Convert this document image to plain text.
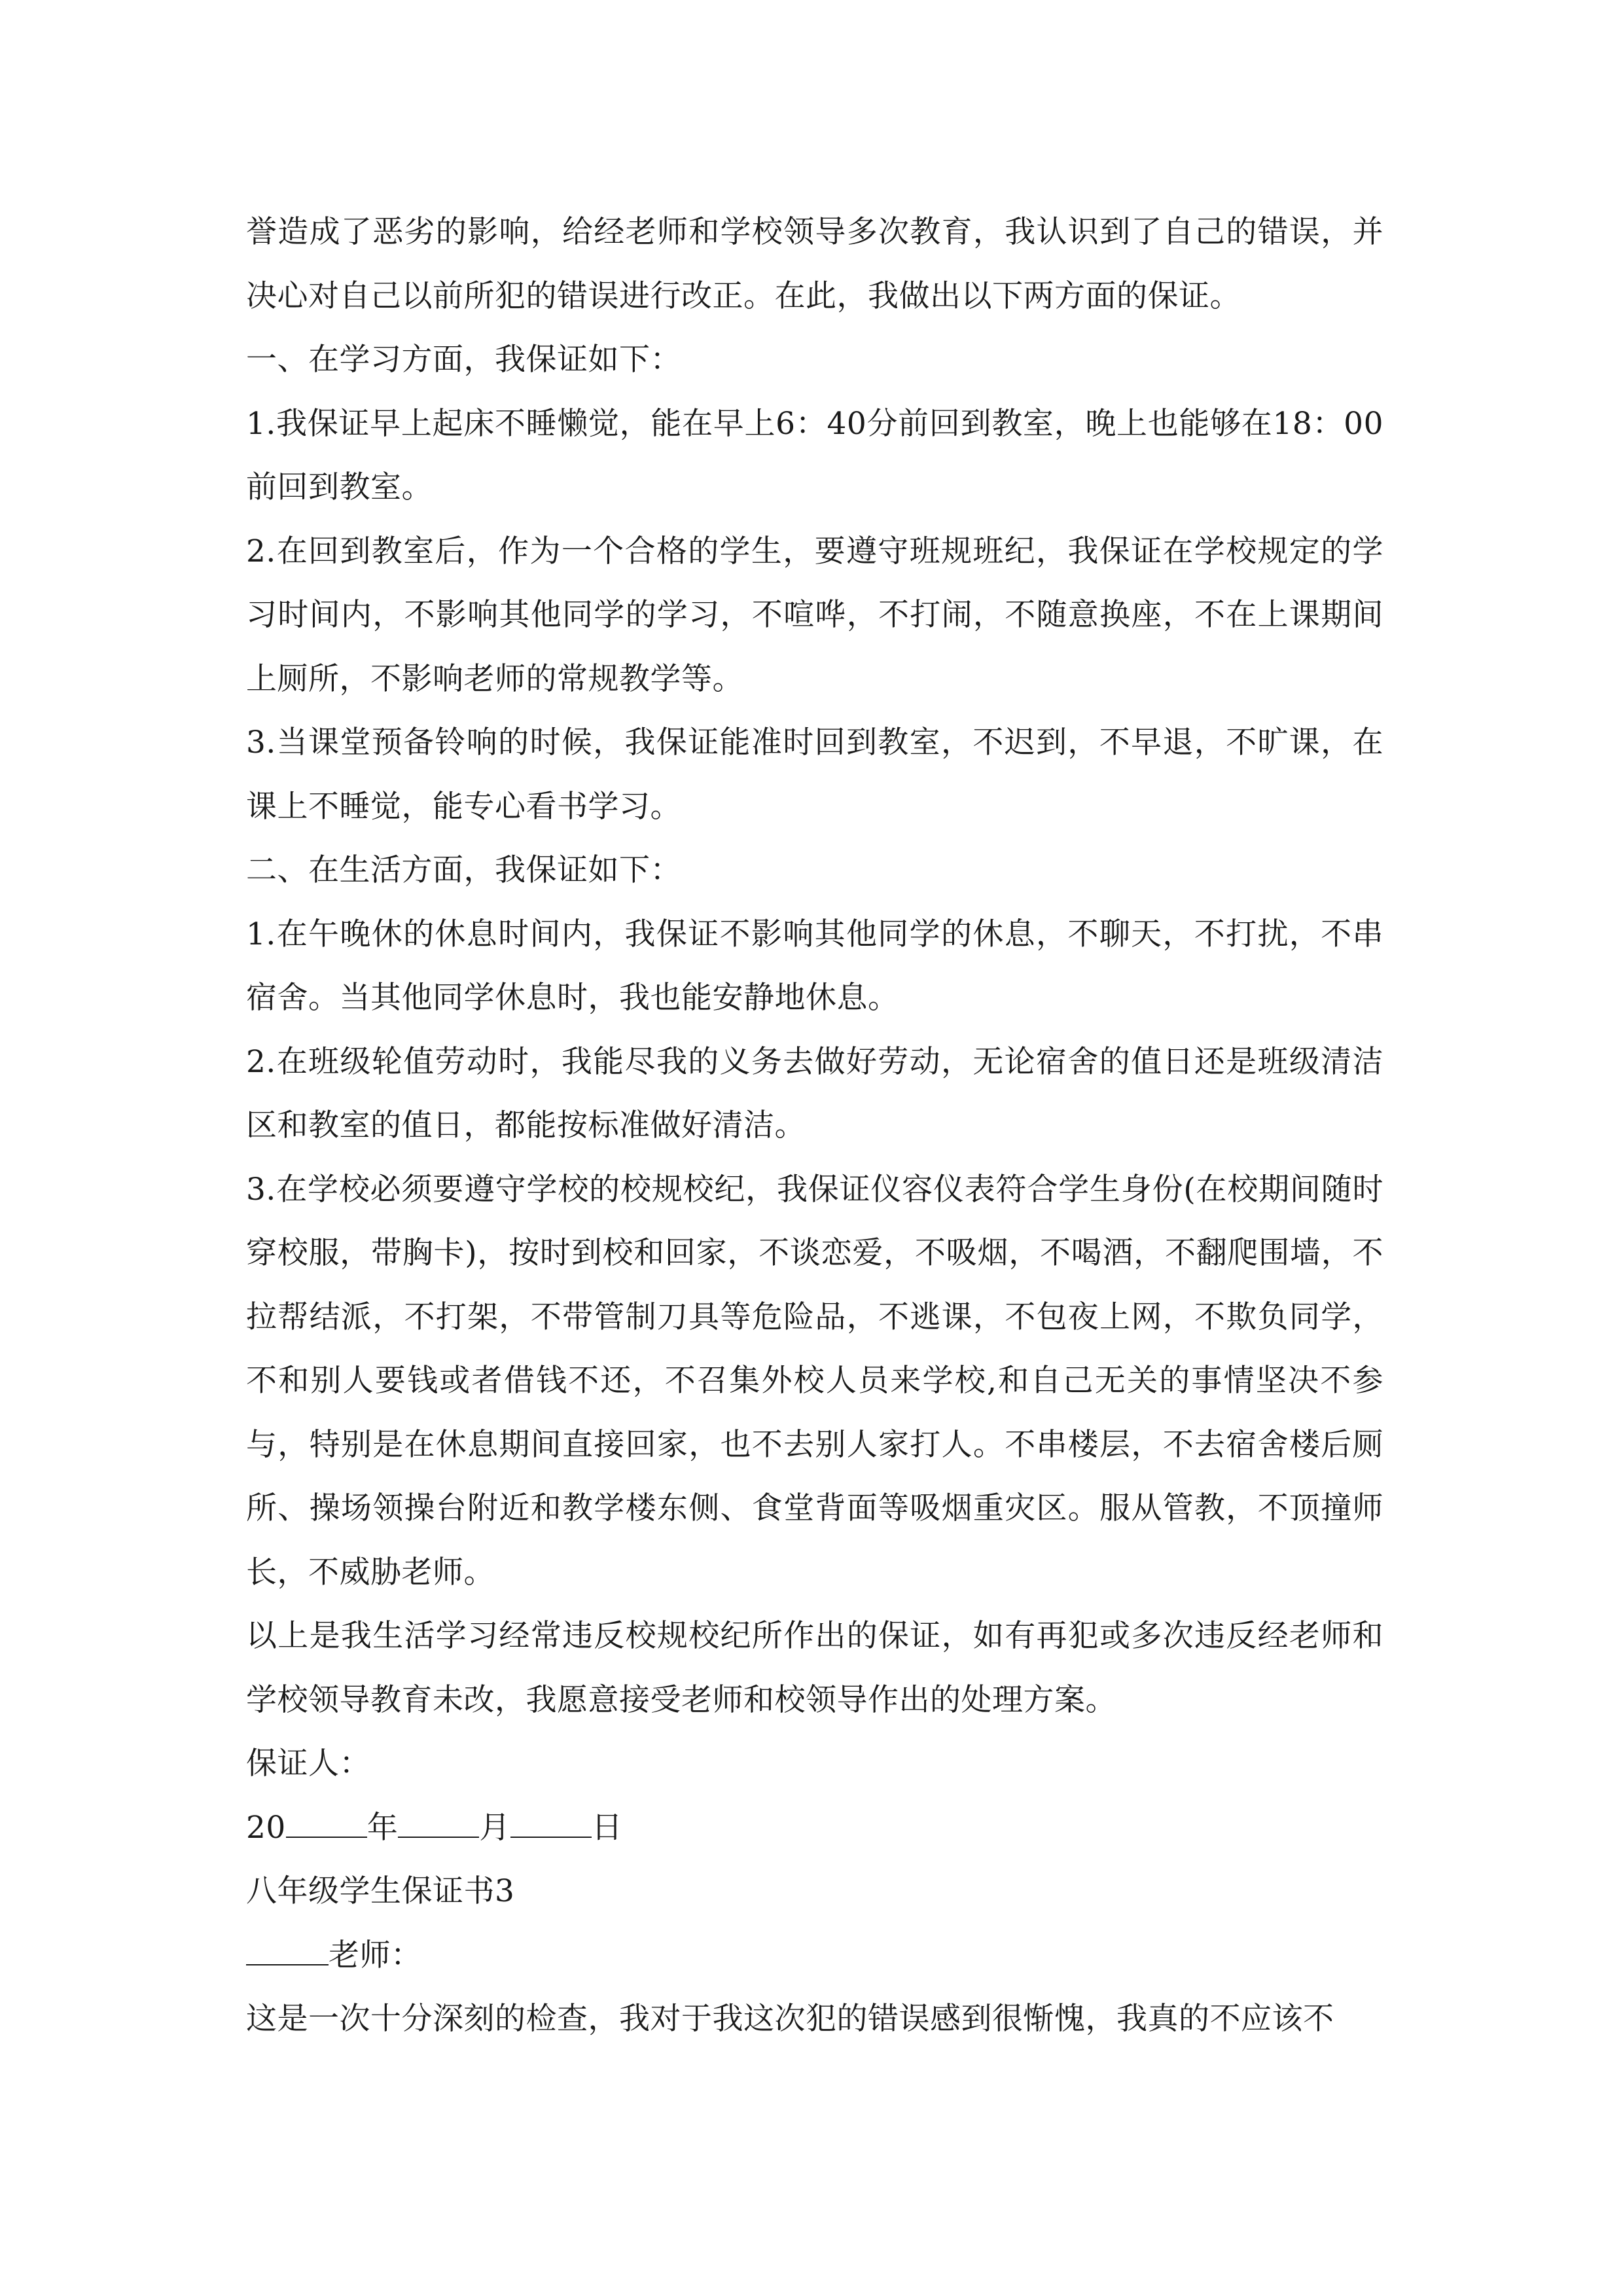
誉造成了恶劣的影响，给经老师和学校领导多次教育，我认识到了自己的错误，并决心对自己以前所犯的错误进行改正。在此，我做出以下两方面的保证。

一、在学习方面，我保证如下：

1.我保证早上起床不睡懒觉，能在早上6：40分前回到教室，晚上也能够在18：00前回到教室。

2.在回到教室后，作为一个合格的学生，要遵守班规班纪，我保证在学校规定的学习时间内，不影响其他同学的学习，不喧哗，不打闹，不随意换座，不在上课期间上厕所，不影响老师的常规教学等。

3.当课堂预备铃响的时候，我保证能准时回到教室，不迟到，不早退，不旷课，在课上不睡觉，能专心看书学习。

二、在生活方面，我保证如下：

1.在午晚休的休息时间内，我保证不影响其他同学的休息，不聊天，不打扰，不串宿舍。当其他同学休息时，我也能安静地休息。

2.在班级轮值劳动时，我能尽我的义务去做好劳动，无论宿舍的值日还是班级清洁区和教室的值日，都能按标准做好清洁。

3.在学校必须要遵守学校的校规校纪，我保证仪容仪表符合学生身份(在校期间随时穿校服，带胸卡)，按时到校和回家，不谈恋爱，不吸烟，不喝酒，不翻爬围墙，不拉帮结派，不打架，不带管制刀具等危险品，不逃课，不包夜上网，不欺负同学，不和别人要钱或者借钱不还，不召集外校人员来学校,和自己无关的事情坚决不参与，特别是在休息期间直接回家，也不去别人家打人。不串楼层，不去宿舍楼后厕所、操场领操台附近和教学楼东侧、食堂背面等吸烟重灾区。服从管教，不顶撞师长，不威胁老师。

以上是我生活学习经常违反校规校纪所作出的保证，如有再犯或多次违反经老师和学校领导教育未改，我愿意接受老师和校领导作出的处理方案。

保证人：

20	年	月	日

八年级学生保证书3

老师：

这是一次十分深刻的检查，我对于我这次犯的错误感到很惭愧，我真的不应该不
